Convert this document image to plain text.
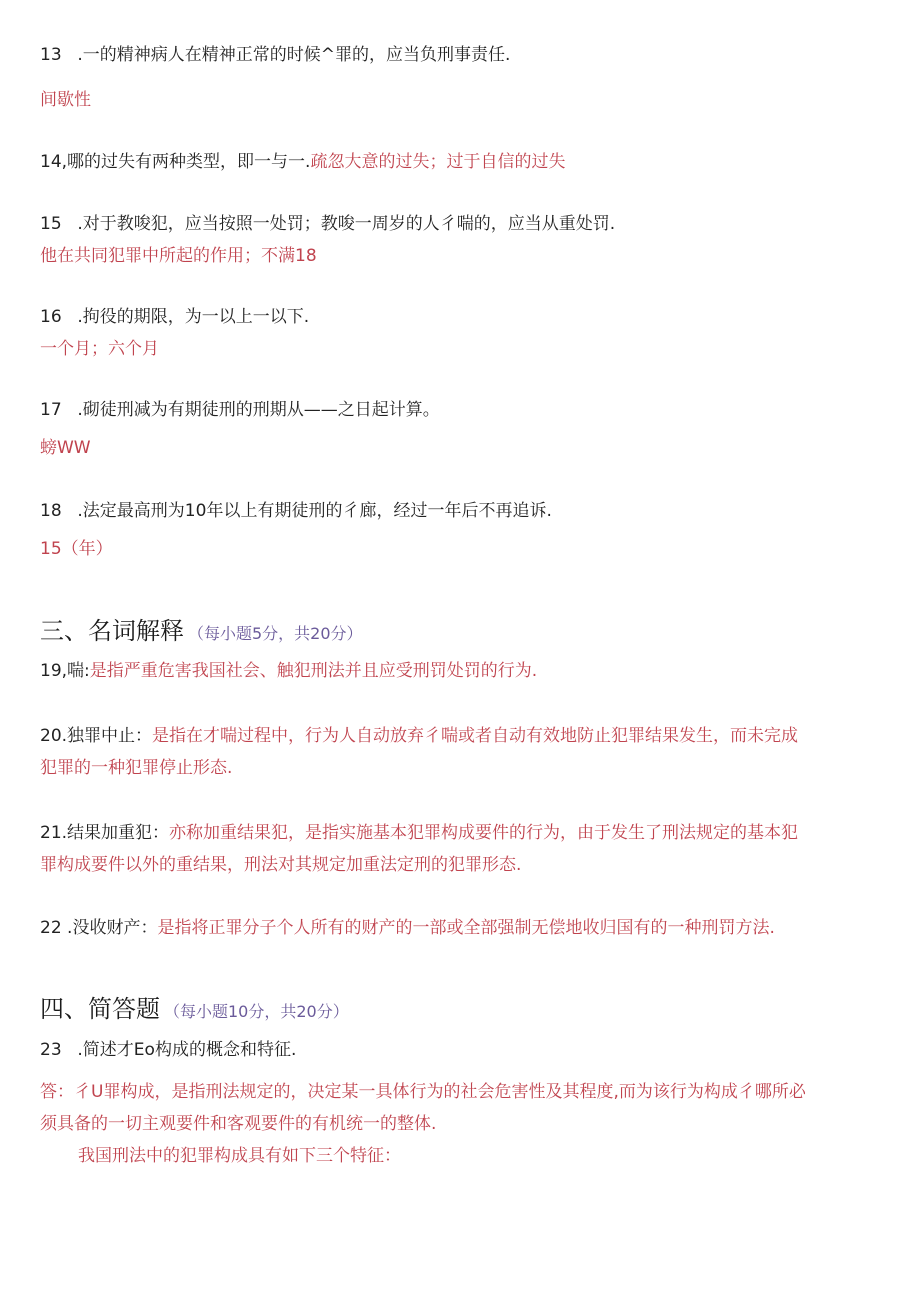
13 .一的精神病人在精神正常的时候^罪的，应当负刑事责任.
间歇性
14,哪的过失有两种类型，即一与一.疏忽大意的过失；过于自信的过失
15 .对于教唆犯，应当按照一处罚；教唆一周岁的人彳喘的，应当从重处罚.
他在共同犯罪中所起的作用；不满18
16 .拘役的期限，为一以上一以下.
一个月；六个月
17 .砌徒刑减为有期徒刑的刑期从——之日起计算。
螃WW
18 .法定最高刑为10年以上有期徒刑的彳廊，经过一年后不再追诉.
15（年）
三、名词解释 （每小题5分，共20分）
19,喘:是指严重危害我国社会、触犯刑法并且应受刑罚处罚的行为.
20.独罪中止：是指在才喘过程中，行为人自动放弃彳喘或者自动有效地防止犯罪结果发生，而未完成
犯罪的一种犯罪停止形态.
21.结果加重犯：亦称加重结果犯，是指实施基本犯罪构成要件的行为，由于发生了刑法规定的基本犯
罪构成要件以外的重结果，刑法对其规定加重法定刑的犯罪形态.
22 .没收财产：是指将正罪分子个人所有的财产的一部或全部强制无偿地收归国有的一种刑罚方法.
四、简答题 （每小题10分，共20分）
23 .简述才Eo构成的概念和特征.
答：彳U罪构成，是指刑法规定的，决定某一具体行为的社会危害性及其程度,而为该行为构成彳哪所必
须具备的一切主观要件和客观要件的有机统一的整体.
我国刑法中的犯罪构成具有如下三个特征：
